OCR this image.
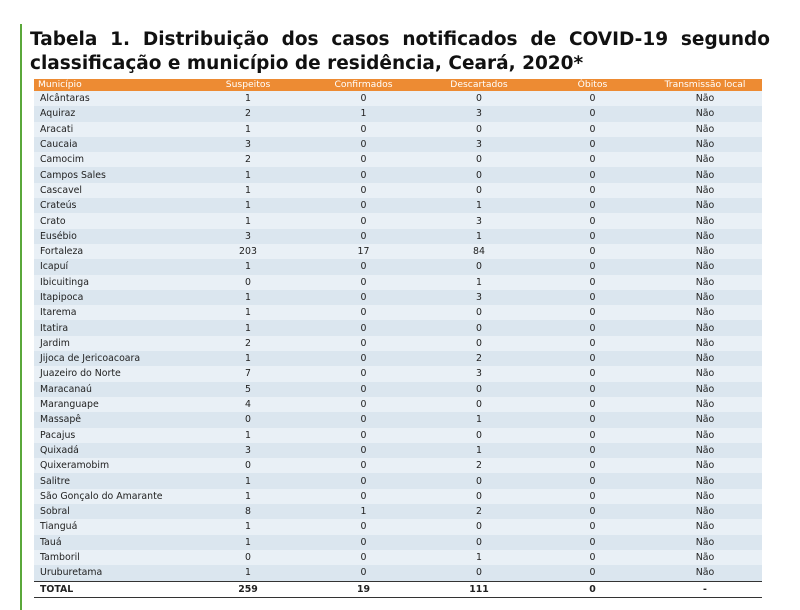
Tabela 1. Distribuição dos casos notificados de COVID-19 segundo classificação e município de residência, Ceará, 2020*
Município	Suspeitos	Confirmados	Descartados	Óbitos	Transmissão local
Alcântaras	1	0	0	0	Não
Aquiraz	2	1	3	0	Não
Aracati	1	0	0	0	Não
Caucaia	3	0	3	0	Não
Camocim	2	0	0	0	Não
Campos Sales	1	0	0	0	Não
Cascavel	1	0	0	0	Não
Crateús	1	0	1	0	Não
Crato	1	0	3	0	Não
Eusébio	3	0	1	0	Não
Fortaleza	203	17	84	0	Não
Icapuí	1	0	0	0	Não
Ibicuitinga	0	0	1	0	Não
Itapipoca	1	0	3	0	Não
Itarema	1	0	0	0	Não
Itatira	1	0	0	0	Não
Jardim	2	0	0	0	Não
Jijoca de Jericoacoara	1	0	2	0	Não
Juazeiro do Norte	7	0	3	0	Não
Maracanaú	5	0	0	0	Não
Maranguape	4	0	0	0	Não
Massapê	0	0	1	0	Não
Pacajus	1	0	0	0	Não
Quixadá	3	0	1	0	Não
Quixeramobim	0	0	2	0	Não
Salitre	1	0	0	0	Não
São Gonçalo do Amarante	1	0	0	0	Não
Sobral	8	1	2	0	Não
Tianguá	1	0	0	0	Não
Tauá	1	0	0	0	Não
Tamboril	0	0	1	0	Não
Uruburetama	1	0	0	0	Não
TOTAL	259	19	111	0	-
